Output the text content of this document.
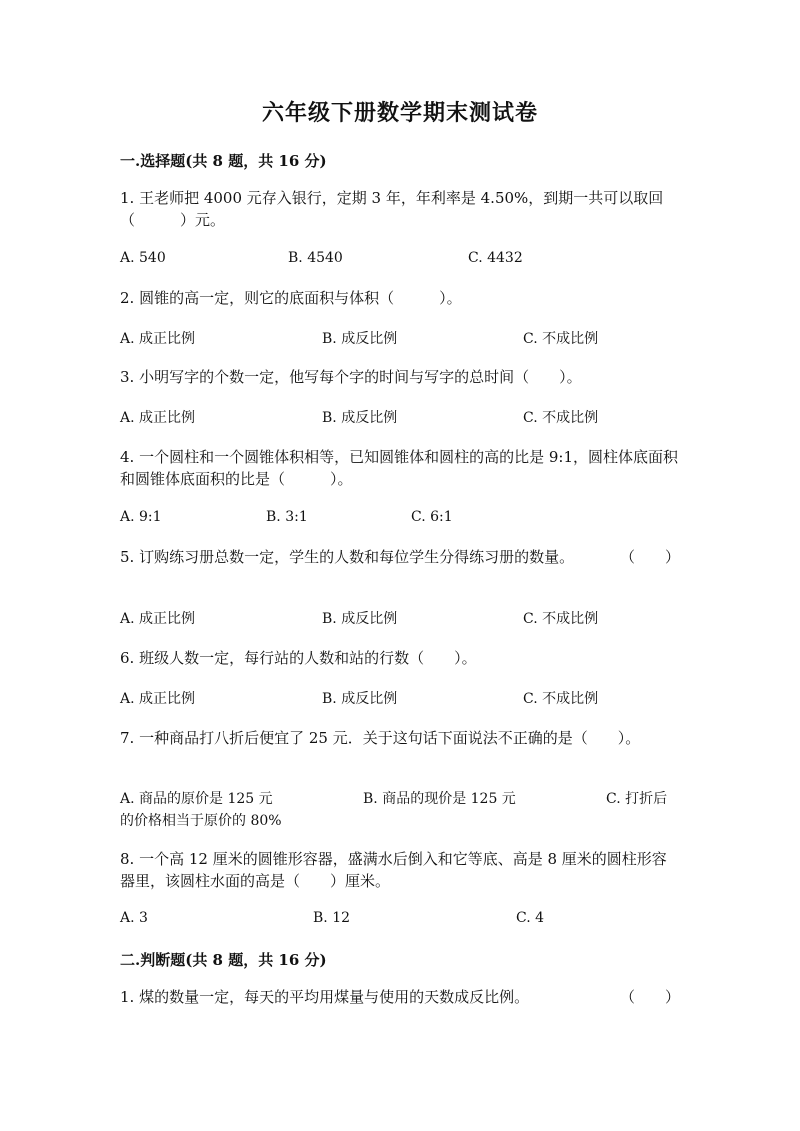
六年级下册数学期末测试卷
一.选择题(共 8 题，共 16 分)
1. 王老师把 4000 元存入银行，定期 3 年，年利率是 4.50%，到期一共可以取回（　　　）元。
A. 540	B. 4540	C. 4432
2. 圆锥的高一定，则它的底面积与体积（　　　）。
A. 成正比例	B. 成反比例	C. 不成比例
3. 小明写字的个数一定，他写每个字的时间与写字的总时间（　　）。
A. 成正比例	B. 成反比例	C. 不成比例
4. 一个圆柱和一个圆锥体积相等，已知圆锥体和圆柱的高的比是 9:1，圆柱体底面积和圆锥体底面积的比是（　　　）。
A. 9:1	B. 3:1	C. 6:1
5. 订购练习册总数一定，学生的人数和每位学生分得练习册的数量。	（　　）
A. 成正比例	B. 成反比例	C. 不成比例
6. 班级人数一定，每行站的人数和站的行数（　　）。
A. 成正比例	B. 成反比例	C. 不成比例
7. 一种商品打八折后便宜了 25 元．关于这句话下面说法不正确的是（　　）。
A. 商品的原价是 125 元	B. 商品的现价是 125 元	C. 打折后
的价格相当于原价的 80%
8. 一个高 12 厘米的圆锥形容器，盛满水后倒入和它等底、高是 8 厘米的圆柱形容器里，该圆柱水面的高是（　　）厘米。
A. 3	B. 12	C. 4
二.判断题(共 8 题，共 16 分)
1. 煤的数量一定，每天的平均用煤量与使用的天数成反比例。	（　　）
